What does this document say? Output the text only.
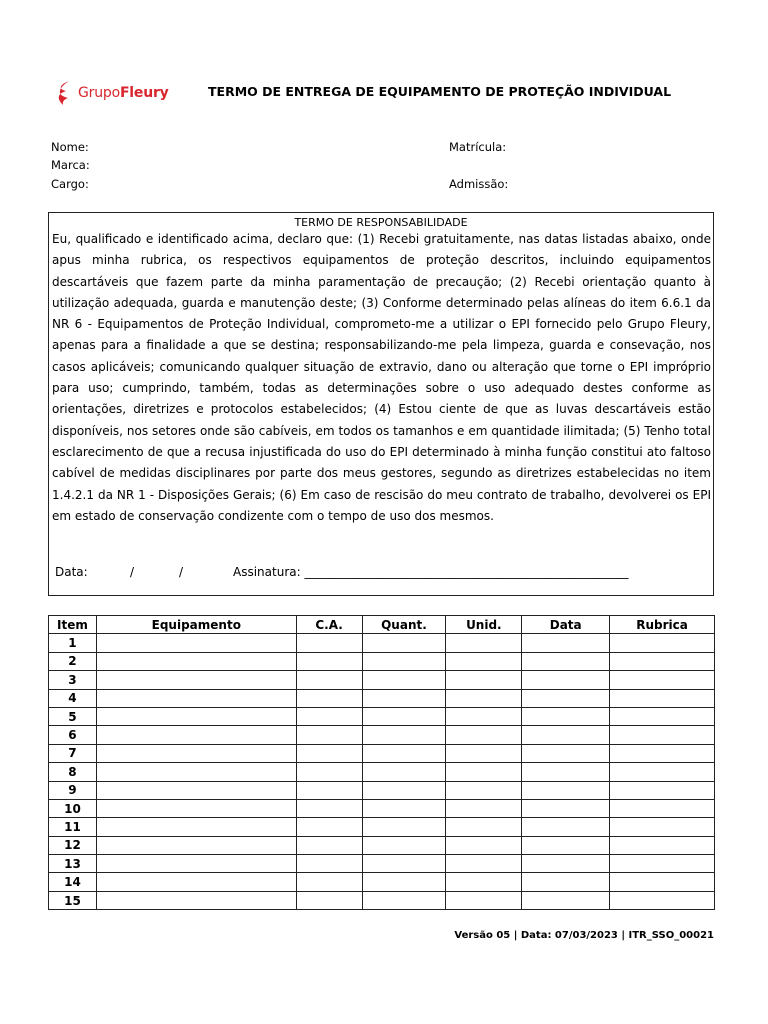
GrupoFleury	TERMO DE ENTREGA DE EQUIPAMENTO DE PROTEÇÃO INDIVIDUAL
Nome:	Matrícula:
Marca:
Cargo:	Admissão:
TERMO DE RESPONSABILIDADE
Eu, qualificado e identificado acima, declaro que: (1) Recebi gratuitamente, nas datas listadas abaixo, onde apus minha rubrica, os respectivos equipamentos de proteção descritos, incluindo equipamentos descartáveis que fazem parte da minha paramentação de precaução; (2) Recebi orientação quanto à utilização adequada, guarda e manutenção deste; (3) Conforme determinado pelas alíneas do item 6.6.1 da NR 6 - Equipamentos de Proteção Individual, comprometo-me a utilizar o EPI fornecido pelo Grupo Fleury, apenas para a finalidade a que se destina; responsabilizando-me pela limpeza, guarda e consevação, nos casos aplicáveis; comunicando qualquer situação de extravio, dano ou alteração que torne o EPI impróprio para uso; cumprindo, também, todas as determinações sobre o uso adequado destes conforme as orientações, diretrizes e protocolos estabelecidos; (4) Estou ciente de que as luvas descartáveis estão disponíveis, nos setores onde são cabíveis, em todos os tamanhos e em quantidade ilimitada; (5) Tenho total esclarecimento de que a recusa injustificada do uso do EPI determinado à minha função constitui ato faltoso cabível de medidas disciplinares por parte dos meus gestores, segundo as diretrizes estabelecidas no item 1.4.2.1 da NR 1 - Disposições Gerais; (6) Em caso de rescisão do meu contrato de trabalho, devolverei os EPI em estado de conservação condizente com o tempo de uso dos mesmos.
Data:	/	/	Assinatura: ______________________________________________________
Item	Equipamento	C.A.	Quant.	Unid.	Data	Rubrica
1						
2						
3						
4						
5						
6						
7						
8						
9						
10						
11						
12						
13						
14						
15						
Versão 05 | Data: 07/03/2023 | ITR_SSO_00021
